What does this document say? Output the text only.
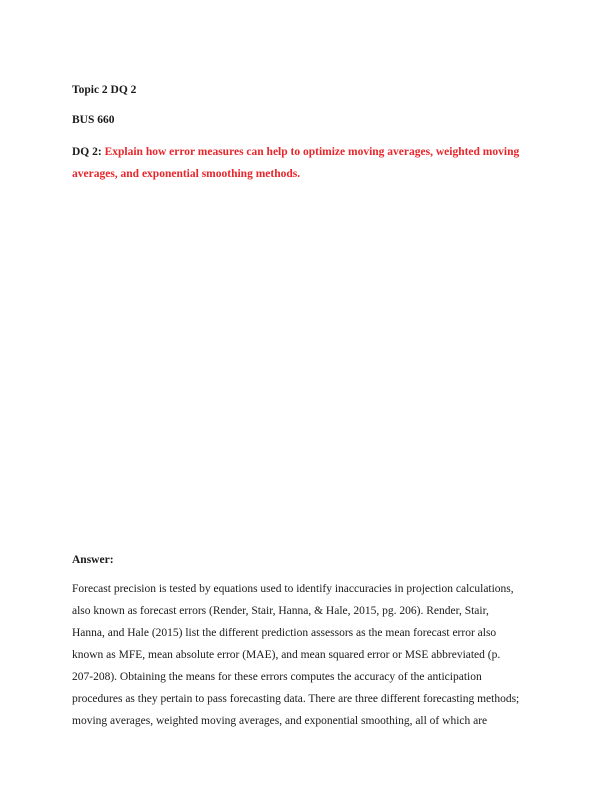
Topic 2 DQ 2
BUS 660
DQ 2: Explain how error measures can help to optimize moving averages, weighted moving averages, and exponential smoothing methods.
Answer:
Forecast precision is tested by equations used to identify inaccuracies in projection calculations,
also known as forecast errors (Render, Stair, Hanna, & Hale, 2015, pg. 206). Render, Stair,
Hanna, and Hale (2015) list the different prediction assessors as the mean forecast error also
known as MFE, mean absolute error (MAE), and mean squared error or MSE abbreviated (p.
207-208). Obtaining the means for these errors computes the accuracy of the anticipation
procedures as they pertain to pass forecasting data. There are three different forecasting methods;
moving averages, weighted moving averages, and exponential smoothing, all of which are
